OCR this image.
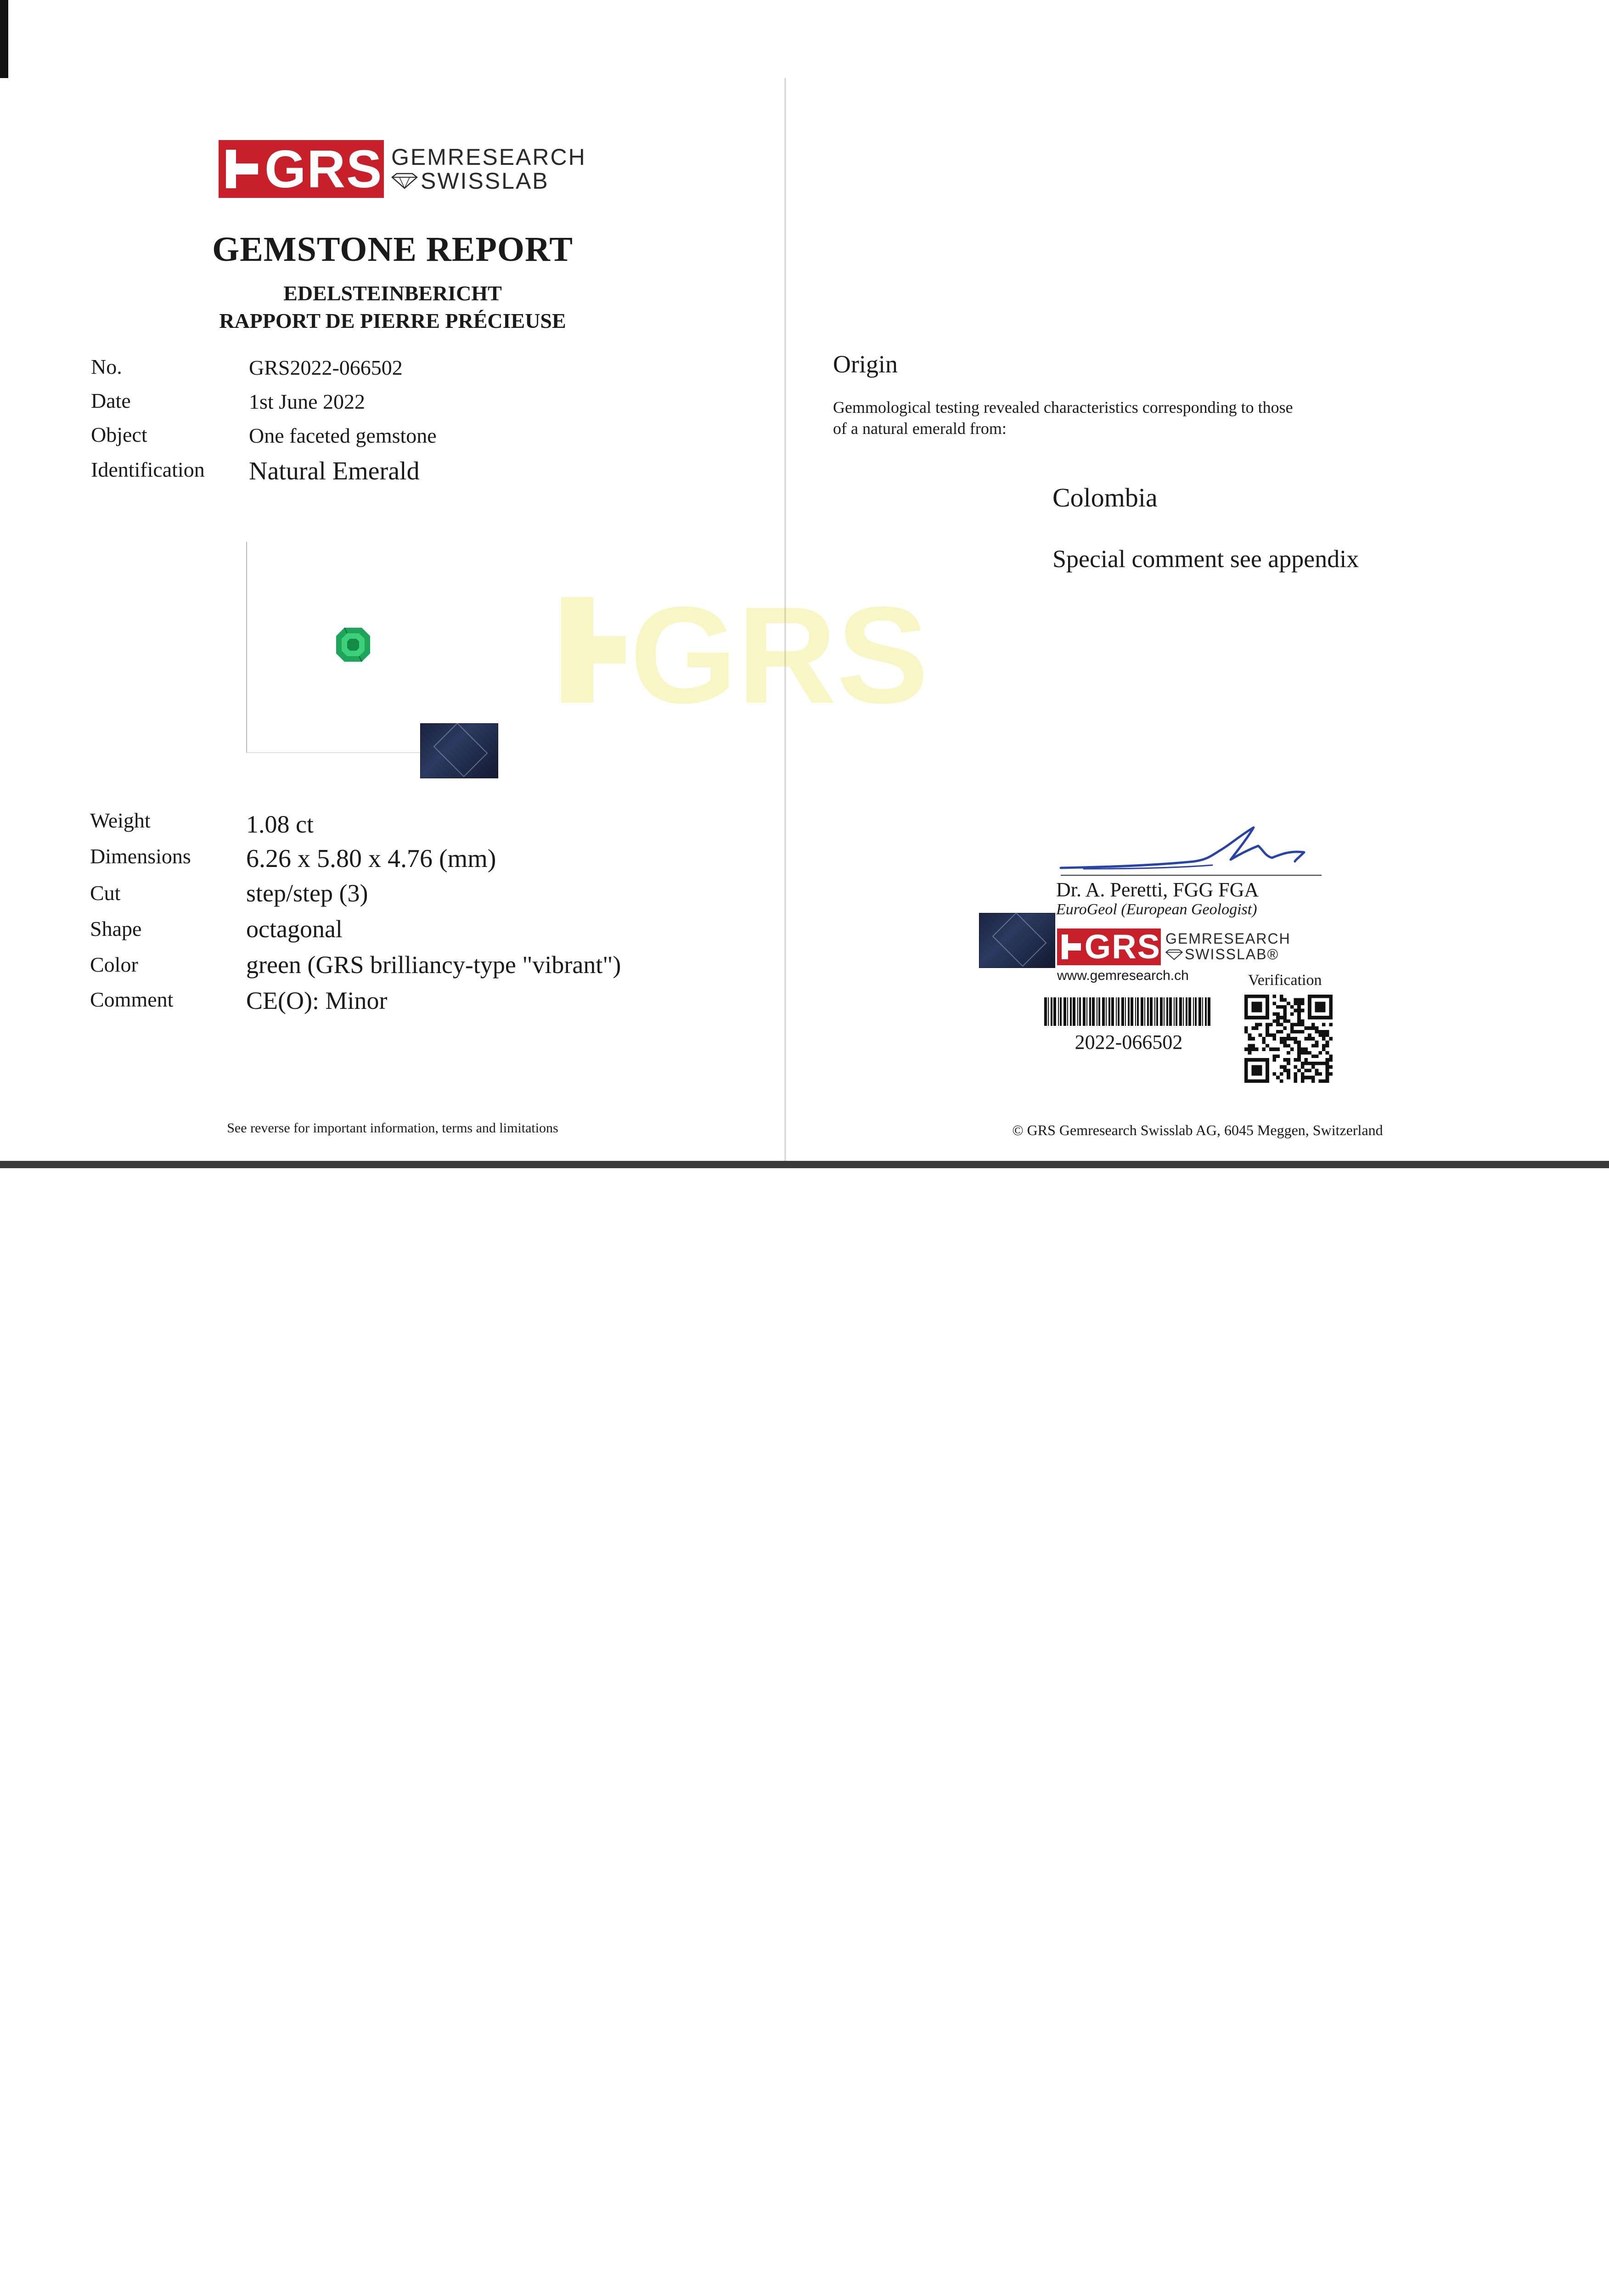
GRS
GRS GEMRESEARCH
SWISSLAB
GEMSTONE REPORT
EDELSTEINBERICHT
RAPPORT DE PIERRE PRÉCIEUSE
No.	GRS2022-066502
Date	1st June 2022
Object	One faceted gemstone
Identification Natural Emerald
Weight	1.08 ct
Dimensions 6.26 x 5.80 x 4.76 (mm)
Cut	step/step (3)
Shape	octagonal
Color	green (GRS brilliancy-type "vibrant")
Comment	CE(O): Minor
See reverse for important information, terms and limitations
Origin
Gemmological testing revealed characteristics corresponding to those
of a natural emerald from:
Colombia
Special comment see appendix
Dr. A. Peretti, FGG FGA
EuroGeol (European Geologist)
GRS GEMRESEARCH
SWISSLAB®
www.gemresearch.ch	Verification
2022-066502
© GRS Gemresearch Swisslab AG, 6045 Meggen, Switzerland
